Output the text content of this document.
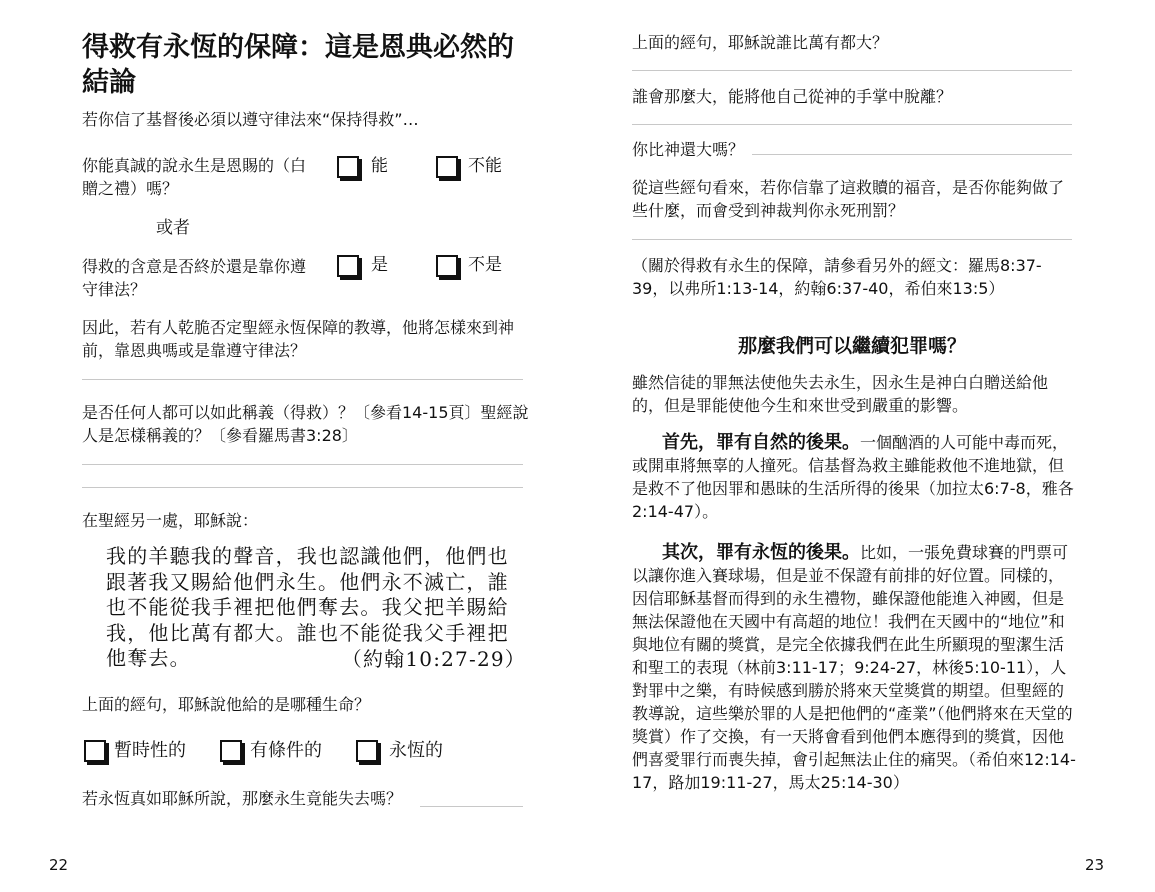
得救有永恆的保障：這是恩典必然的結論
若你信了基督後必須以遵守律法來“保持得救”…
你能真誠的說永生是恩賜的（白贈之禮）嗎？
能	不能
或者
得救的含意是否終於還是靠你遵守律法？
是	不是
因此，若有人乾脆否定聖經永恆保障的教導，他將怎樣來到神前，靠恩典嗎或是靠遵守律法？
是否任何人都可以如此稱義（得救）？〔參看14-15頁〕聖經說人是怎樣稱義的？〔參看羅馬書3:28〕
在聖經另一處，耶穌說：
我的羊聽我的聲音，我也認識他們，他們也跟著我又賜給他們永生。他們永不滅亡，誰也不能從我手裡把他們奪去。我父把羊賜給我，他比萬有都大。誰也不能從我父手裡把他奪去。	（約翰10:27-29）
上面的經句，耶穌說他給的是哪種生命？
暫時性的	有條件的	永恆的
若永恆真如耶穌所說，那麼永生竟能失去嗎？
22
上面的經句，耶穌說誰比萬有都大？
誰會那麼大，能將他自己從神的手掌中脫離？
你比神還大嗎？
從這些經句看來，若你信靠了這救贖的福音，是否你能夠做了些什麼，而會受到神裁判你永死刑罰？
（關於得救有永生的保障，請參看另外的經文：羅馬8:37-39，以弗所1:13-14，約翰6:37-40，希伯來13:5）
那麼我們可以繼續犯罪嗎？
雖然信徒的罪無法使他失去永生，因永生是神白白贈送給他的，但是罪能使他今生和來世受到嚴重的影響。
首先，罪有自然的後果。一個酗酒的人可能中毒而死，或開車將無辜的人撞死。信基督為救主雖能救他不進地獄，但是救不了他因罪和愚昧的生活所得的後果（加拉太6:7-8，雅各2:14-47）。
其次，罪有永恆的後果。比如，一張免費球賽的門票可以讓你進入賽球場，但是並不保證有前排的好位置。同樣的，因信耶穌基督而得到的永生禮物，雖保證他能進入神國，但是無法保證他在天國中有高超的地位！我們在天國中的“地位”和與地位有關的獎賞，是完全依據我們在此生所顯現的聖潔生活和聖工的表現（林前3:11-17；9:24-27，林後5:10-11），人對罪中之樂，有時候感到勝於將來天堂獎賞的期望。但聖經的教導說，這些樂於罪的人是把他們的“產業”（他們將來在天堂的獎賞）作了交換，有一天將會看到他們本應得到的獎賞，因他們喜愛罪行而喪失掉，會引起無法止住的痛哭。（希伯來12:14-17，路加19:11-27，馬太25:14-30）
23
